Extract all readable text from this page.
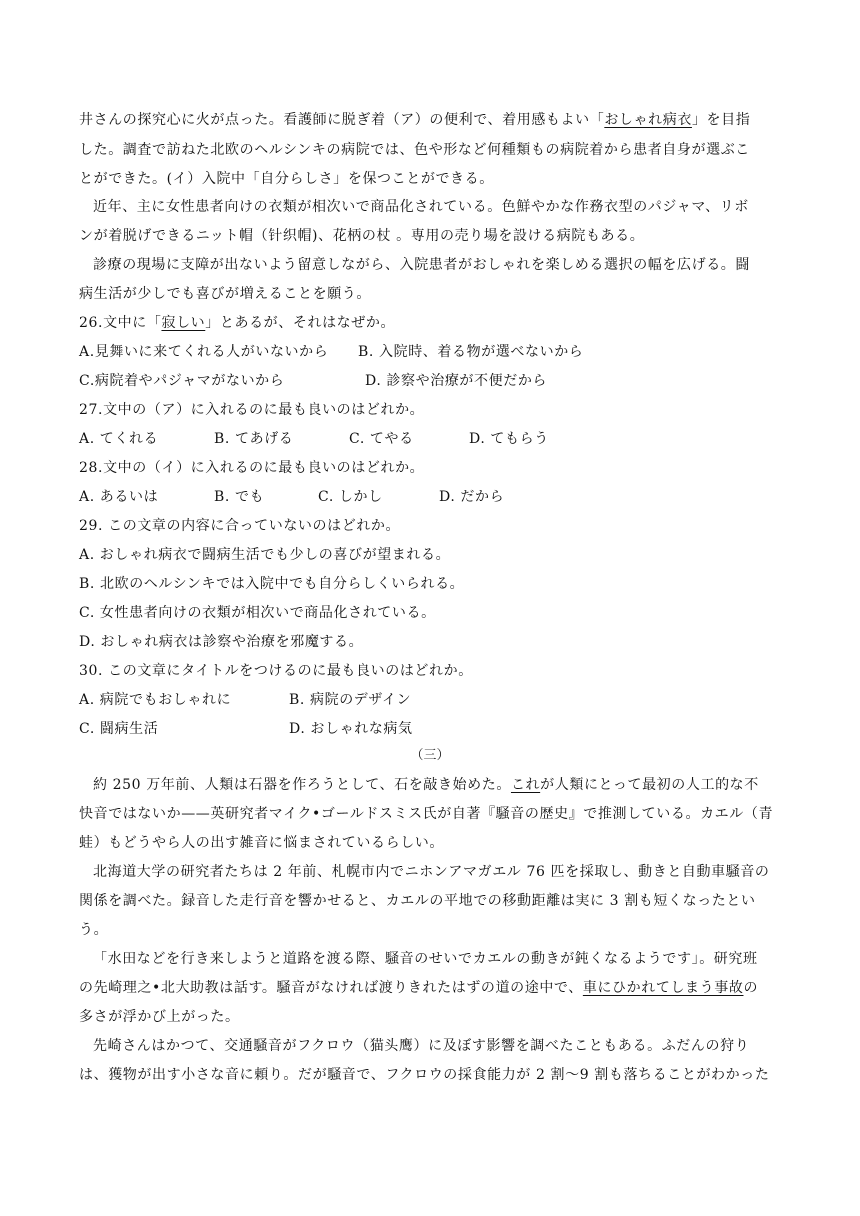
井さんの探究心に火が点った。看護師に脱ぎ着（ア）の便利で、着用感もよい「おしゃれ病衣」を目指
した。調査で訪ねた北欧のヘルシンキの病院では、色や形など何種類もの病院着から患者自身が選ぶこ
とができた。(イ）入院中「自分らしさ」を保つことができる。
近年、主に女性患者向けの衣類が相次いで商品化されている。色鮮やかな作務衣型のパジャマ、リボ
ンが着脱げできるニット帽（针织帽)、花柄の杖 。専用の売り場を設ける病院もある。
診療の現場に支障が出ないよう留意しながら、入院患者がおしゃれを楽しめる選択の幅を広げる。闘
病生活が少しでも喜びが増えることを願う。
26.文中に「寂しい」とあるが、それはなぜか。
A.見舞いに来てくれる人がいないから B. 入院時、着る物が選べないから
C.病院着やパジャマがないから	D. 診察や治療が不便だから
27.文中の（ア）に入れるのに最も良いのはどれか。
A. てくれる	B. てあげる	C. てやる	D. てもらう
28.文中の（イ）に入れるのに最も良いのはどれか。
A. あるいは	B. でも	C. しかし	D. だから
29. この文章の内容に合っていないのはどれか。
A. おしゃれ病衣で闘病生活でも少しの喜びが望まれる。
B. 北欧のヘルシンキでは入院中でも自分らしくいられる。
C. 女性患者向けの衣類が相次いで商品化されている。
D. おしゃれ病衣は診察や治療を邪魔する。
30. この文章にタイトルをつけるのに最も良いのはどれか。
A. 病院でもおしゃれに	B. 病院のデザイン
C. 闘病生活	D. おしゃれな病気
（三）
約 250 万年前、人類は石器を作ろうとして、石を敲き始めた。これが人類にとって最初の人工的な不
快音ではないか——英研究者マイク•ゴールドスミス氏が自著『騒音の歴史』で推測している。カエル（青
蛙）もどうやら人の出す雑音に悩まされているらしい。
北海道大学の研究者たちは 2 年前、札幌市内でニホンアマガエル 76 匹を採取し、動きと自動車騒音の
関係を調べた。録音した走行音を響かせると、カエルの平地での移動距離は実に 3 割も短くなったとい
う。
「水田などを行き来しようと道路を渡る際、騒音のせいでカエルの動きが鈍くなるようです」。研究班
の先崎理之•北大助教は話す。騒音がなければ渡りきれたはずの道の途中で、車にひかれてしまう事故の
多さが浮かび上がった。
先崎さんはかつて、交通騒音がフクロウ（猫头鹰）に及ぼす影響を調べたこともある。ふだんの狩り
は、獲物が出す小さな音に頼り。だが騒音で、フクロウの採食能力が 2 割〜9 割も落ちることがわかった
